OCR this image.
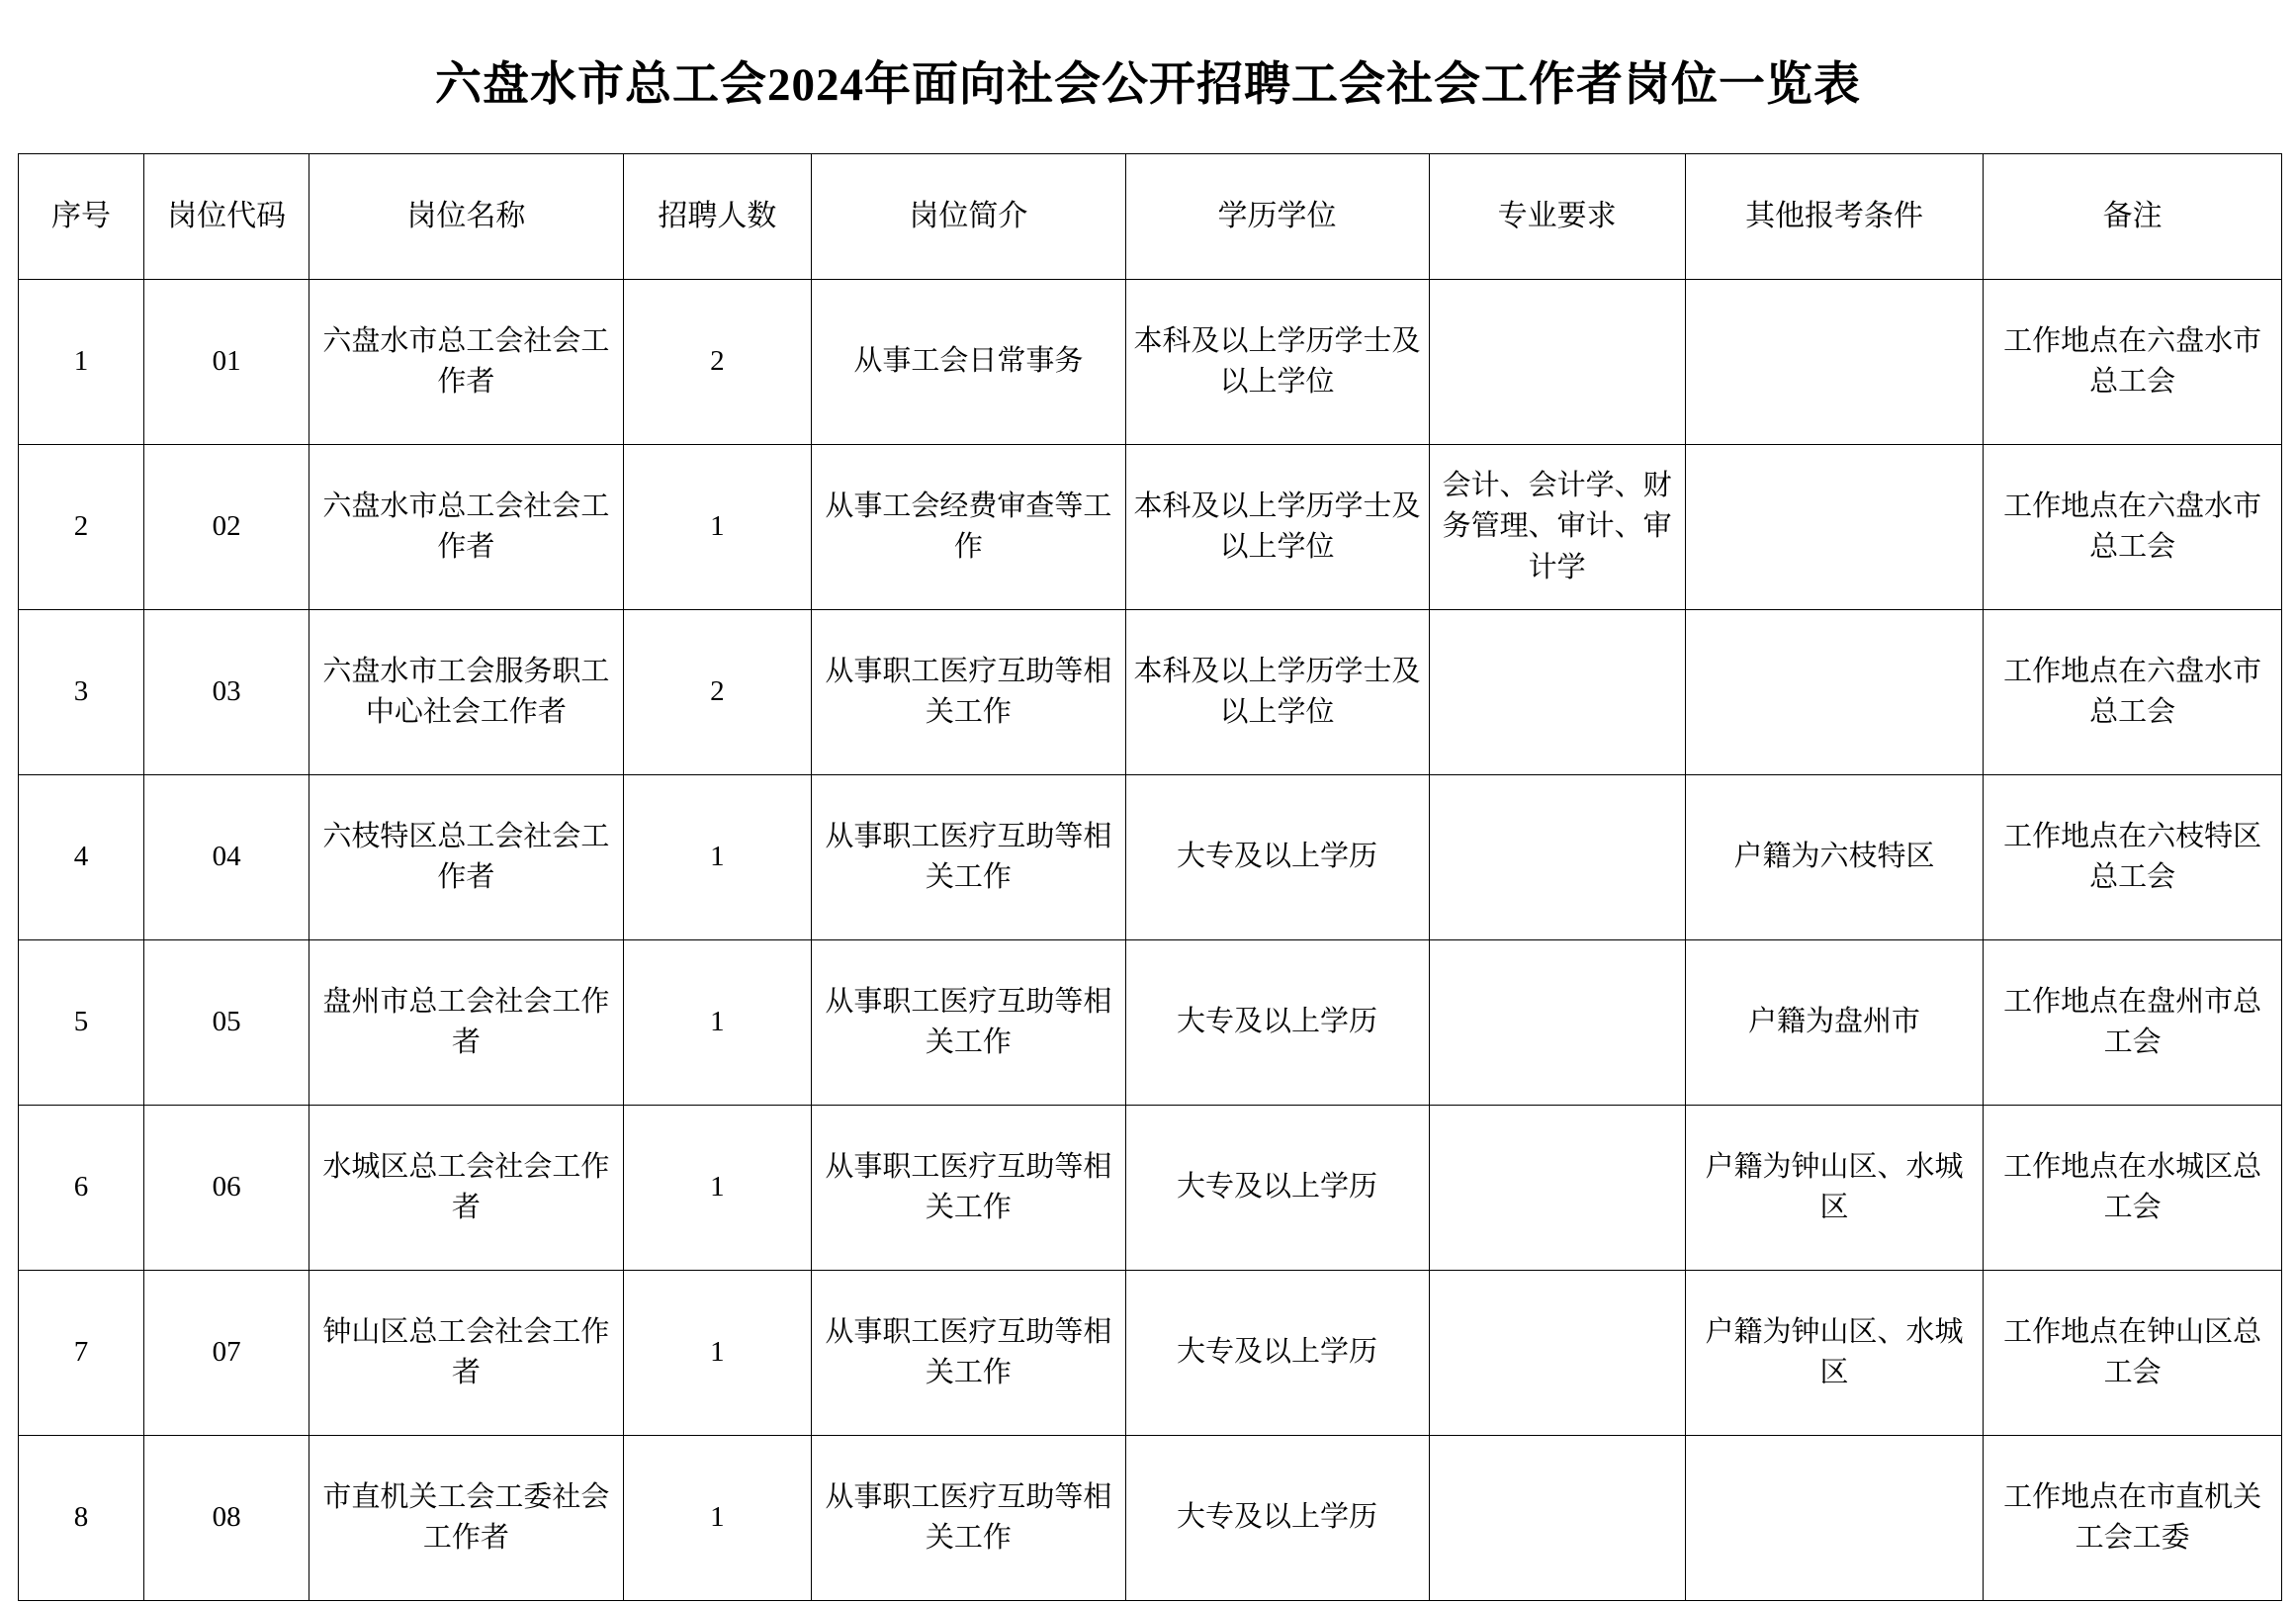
六盘水市总工会2024年面向社会公开招聘工会社会工作者岗位一览表
序号	岗位代码	岗位名称	招聘人数	岗位简介	学历学位	专业要求	其他报考条件	备注
1	01	六盘水市总工会社会工作者	2	从事工会日常事务	本科及以上学历学士及以上学位			工作地点在六盘水市总工会
2	02	六盘水市总工会社会工作者	1	从事工会经费审查等工作	本科及以上学历学士及以上学位	会计、会计学、财务管理、审计、审计学		工作地点在六盘水市总工会
3	03	六盘水市工会服务职工中心社会工作者	2	从事职工医疗互助等相关工作	本科及以上学历学士及以上学位			工作地点在六盘水市总工会
4	04	六枝特区总工会社会工作者	1	从事职工医疗互助等相关工作	大专及以上学历		户籍为六枝特区	工作地点在六枝特区总工会
5	05	盘州市总工会社会工作者	1	从事职工医疗互助等相关工作	大专及以上学历		户籍为盘州市	工作地点在盘州市总工会
6	06	水城区总工会社会工作者	1	从事职工医疗互助等相关工作	大专及以上学历		户籍为钟山区、水城区	工作地点在水城区总工会
7	07	钟山区总工会社会工作者	1	从事职工医疗互助等相关工作	大专及以上学历		户籍为钟山区、水城区	工作地点在钟山区总工会
8	08	市直机关工会工委社会工作者	1	从事职工医疗互助等相关工作	大专及以上学历			工作地点在市直机关工会工委
